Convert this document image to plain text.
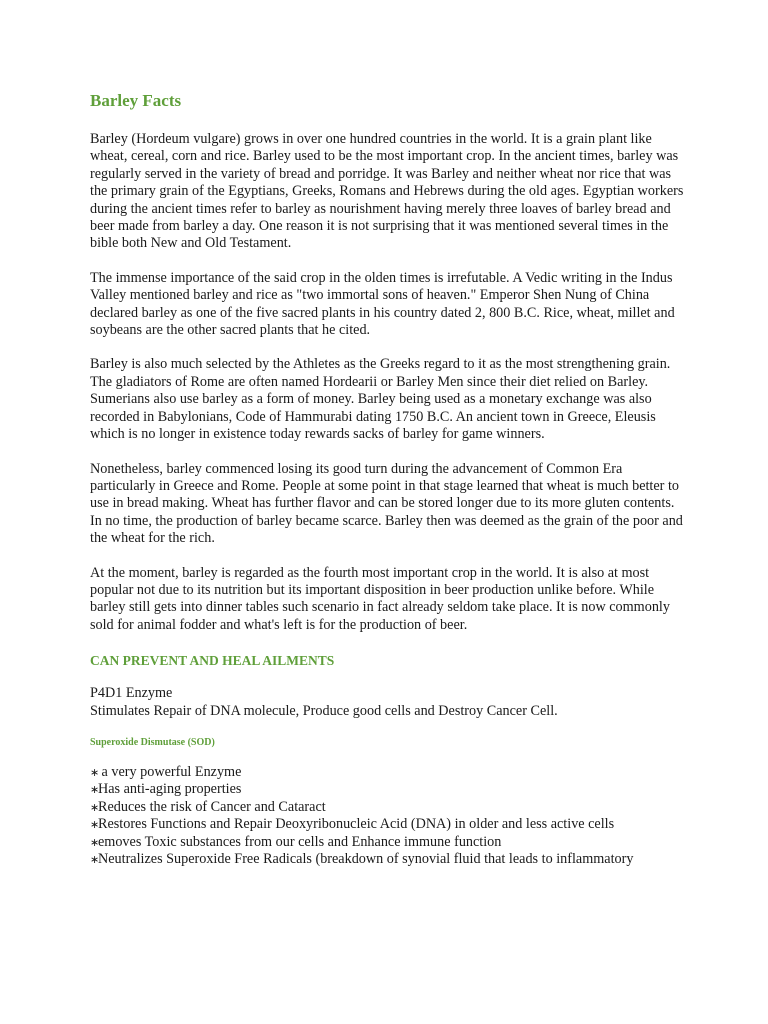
Barley Facts

Barley (Hordeum vulgare) grows in over one hundred countries in the world. It is a grain plant like wheat, cereal, corn and rice. Barley used to be the most important crop. In the ancient times, barley was regularly served in the variety of bread and porridge. It was Barley and neither wheat nor rice that was the primary grain of the Egyptians, Greeks, Romans and Hebrews during the old ages. Egyptian workers during the ancient times refer to barley as nourishment having merely three loaves of barley bread and beer made from barley a day. One reason it is not surprising that it was mentioned several times in the bible both New and Old Testament.

The immense importance of the said crop in the olden times is irrefutable. A Vedic writing in the Indus Valley mentioned barley and rice as "two immortal sons of heaven." Emperor Shen Nung of China declared barley as one of the five sacred plants in his country dated 2, 800 B.C. Rice, wheat, millet and soybeans are the other sacred plants that he cited.

Barley is also much selected by the Athletes as the Greeks regard to it as the most strengthening grain. The gladiators of Rome are often named Hordearii or Barley Men since their diet relied on Barley. Sumerians also use barley as a form of money. Barley being used as a monetary exchange was also recorded in Babylonians, Code of Hammurabi dating 1750 B.C. An ancient town in Greece, Eleusis which is no longer in existence today rewards sacks of barley for game winners.

Nonetheless, barley commenced losing its good turn during the advancement of Common Era particularly in Greece and Rome. People at some point in that stage learned that wheat is much better to use in bread making. Wheat has further flavor and can be stored longer due to its more gluten contents. In no time, the production of barley became scarce. Barley then was deemed as the grain of the poor and the wheat for the rich.

At the moment, barley is regarded as the fourth most important crop in the world. It is also at most popular not due to its nutrition but its important disposition in beer production unlike before. While barley still gets into dinner tables such scenario in fact already seldom take place. It is now commonly sold for animal fodder and what's left is for the production of beer.

CAN PREVENT AND HEAL AILMENTS
P4D1 Enzyme
Stimulates Repair of DNA molecule, Produce good cells and Destroy Cancer Cell.
Superoxide Dismutase (SOD)
∗ a very powerful Enzyme
∗Has anti-aging properties
∗Reduces the risk of Cancer and Cataract
∗Restores Functions and Repair Deoxyribonucleic Acid (DNA) in older and less active cells
∗emoves Toxic substances from our cells and Enhance immune function
∗Neutralizes Superoxide Free Radicals (breakdown of synovial fluid that leads to inflammatory
